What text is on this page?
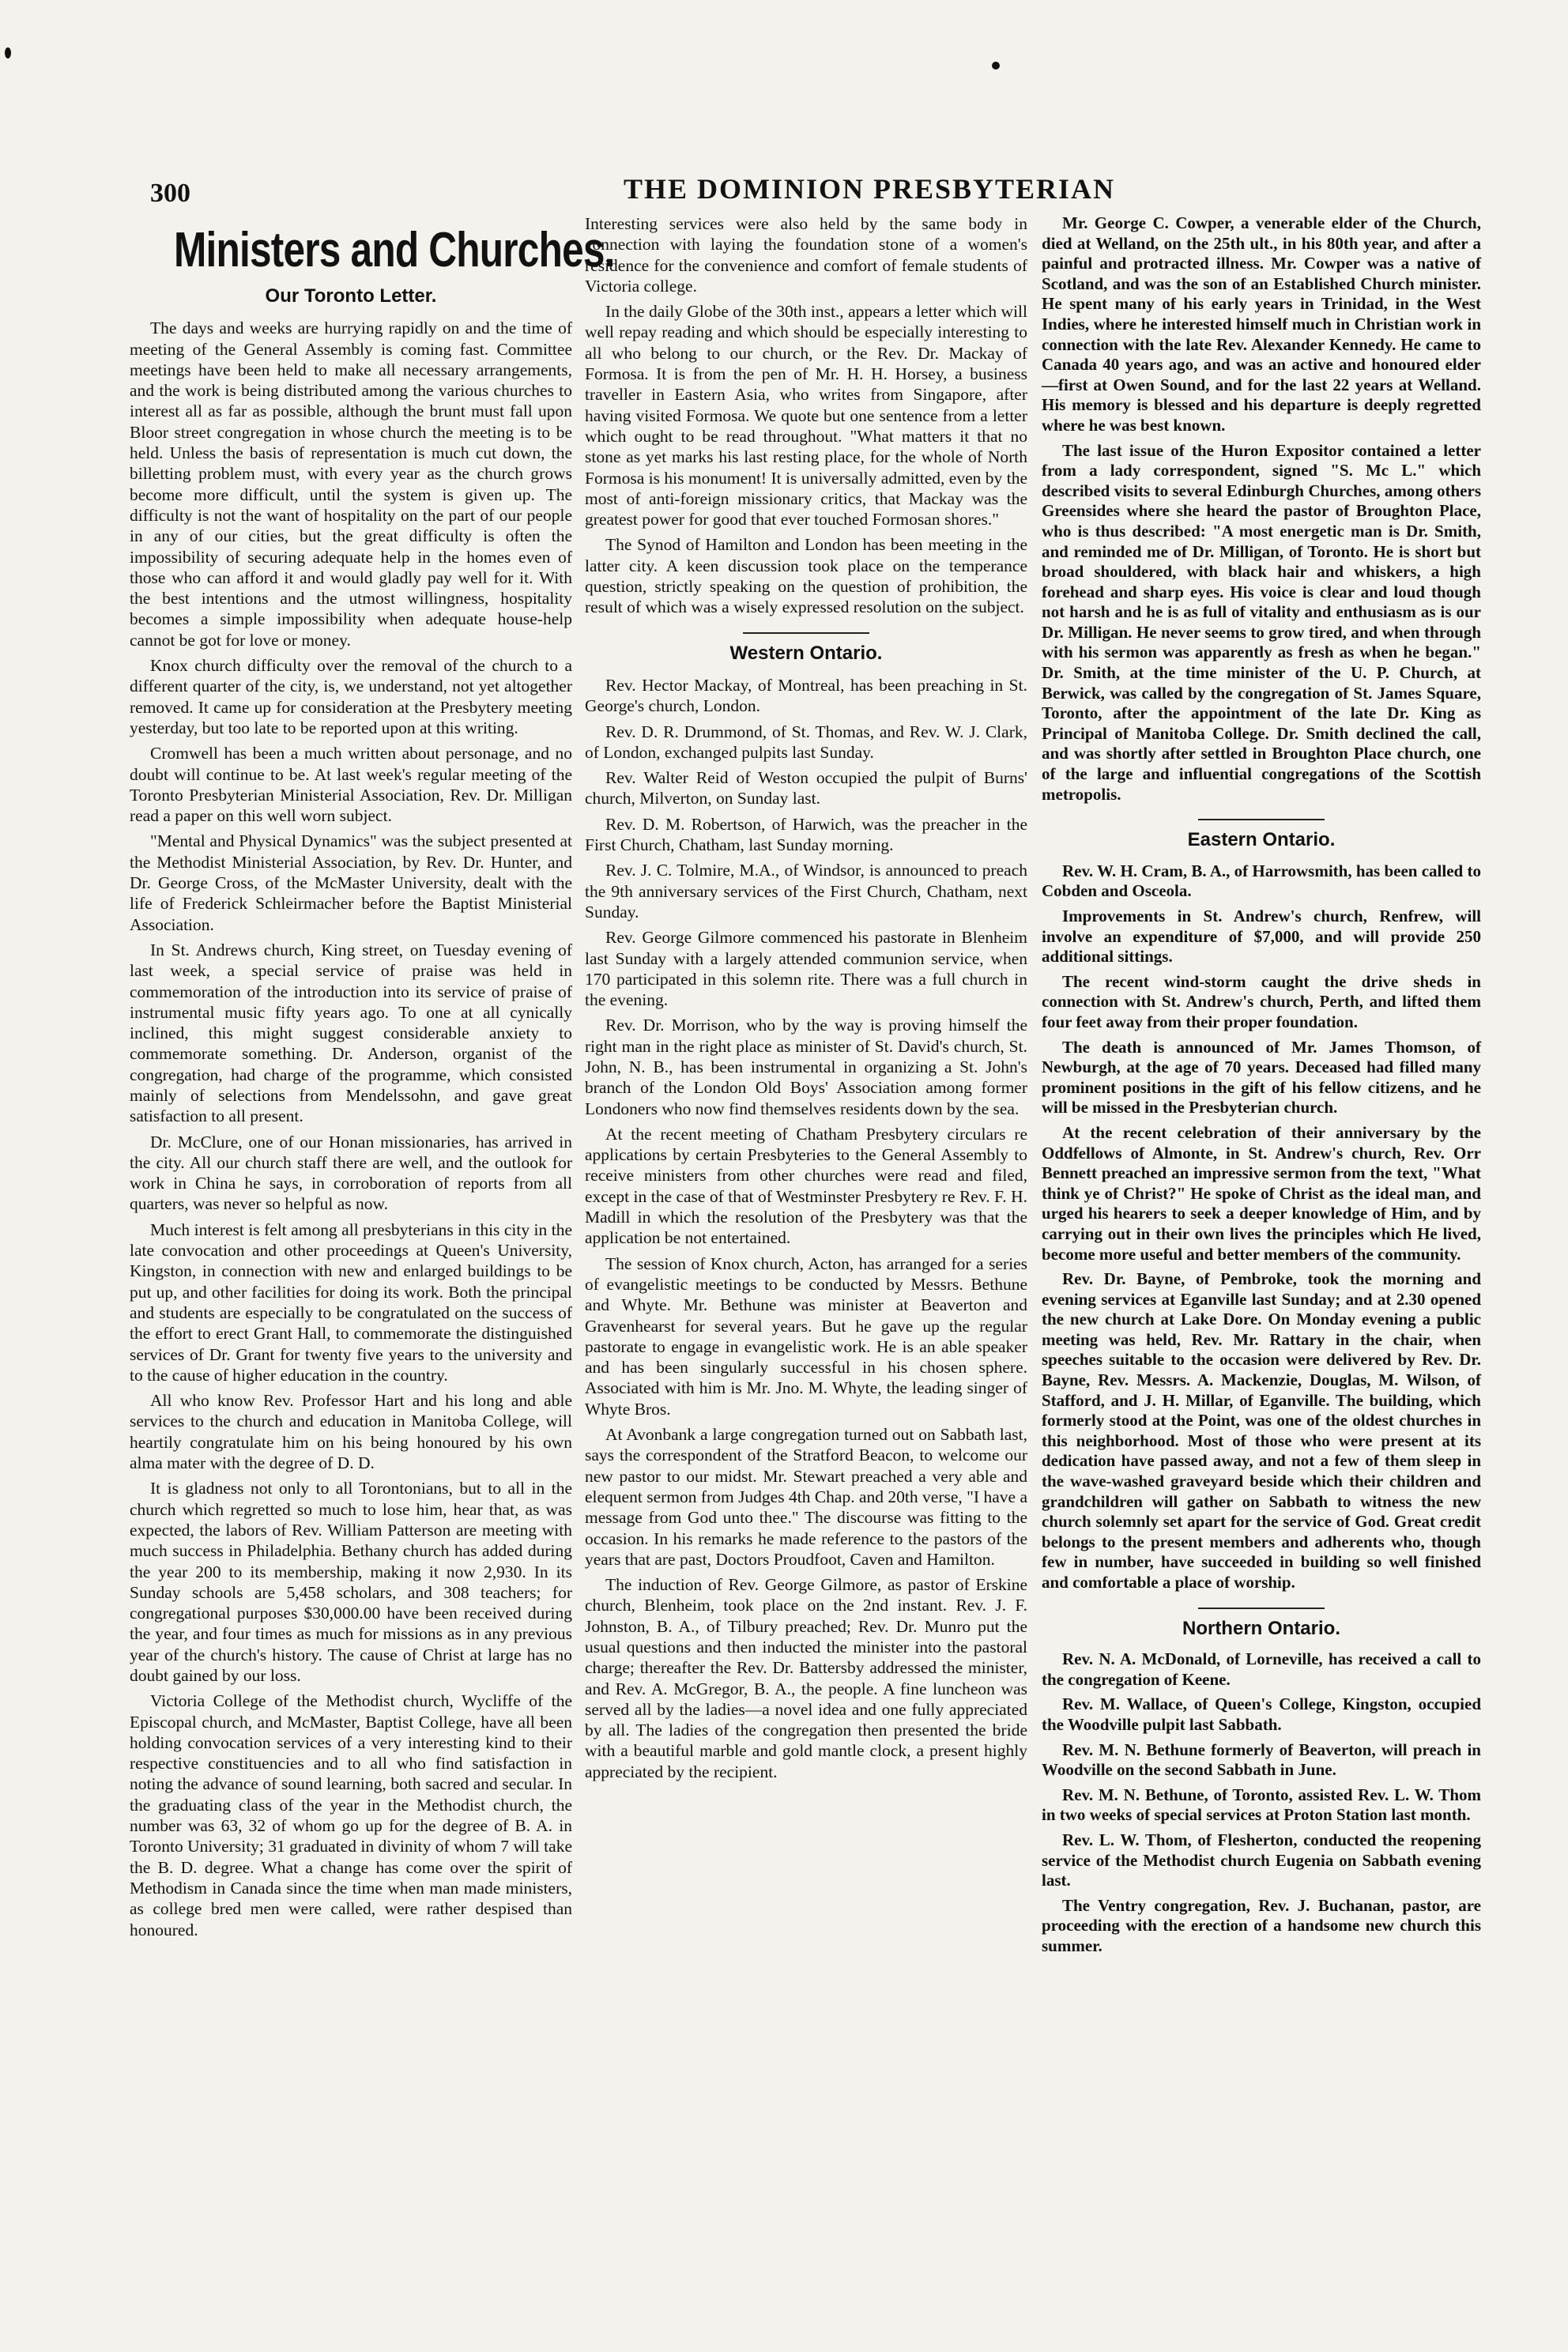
300	THE DOMINION PRESBYTERIAN
Ministers and Churches.
Our Toronto Letter.

The days and weeks are hurrying rapidly on and the time of meeting of the General Assembly is coming fast. Committee meetings have been held to make all necessary arrangements, and the work is being distributed among the various churches to interest all as far as possible, although the brunt must fall upon Bloor street congregation in whose church the meeting is to be held. Unless the basis of representation is much cut down, the billetting problem must, with every year as the church grows become more difficult, until the system is given up. The difficulty is not the want of hospitality on the part of our people in any of our cities, but the great difficulty is often the impossibility of securing adequate help in the homes even of those who can afford it and would gladly pay well for it. With the best intentions and the utmost willingness, hospitality becomes a simple impossibility when adequate house-help cannot be got for love or money.

Knox church difficulty over the removal of the church to a different quarter of the city, is, we understand, not yet altogether removed. It came up for consideration at the Presbytery meeting yesterday, but too late to be reported upon at this writing.

Cromwell has been a much written about personage, and no doubt will continue to be. At last week's regular meeting of the Toronto Presbyterian Ministerial Association, Rev. Dr. Milligan read a paper on this well worn subject.

"Mental and Physical Dynamics" was the subject presented at the Methodist Ministerial Association, by Rev. Dr. Hunter, and Dr. George Cross, of the McMaster University, dealt with the life of Frederick Schleirmacher before the Baptist Ministerial Association.

In St. Andrews church, King street, on Tuesday evening of last week, a special service of praise was held in commemoration of the introduction into its service of praise of instrumental music fifty years ago. To one at all cynically inclined, this might suggest considerable anxiety to commemorate something. Dr. Anderson, organist of the congregation, had charge of the programme, which consisted mainly of selections from Mendelssohn, and gave great satisfaction to all present.

Dr. McClure, one of our Honan missionaries, has arrived in the city. All our church staff there are well, and the outlook for work in China he says, in corroboration of reports from all quarters, was never so helpful as now.

Much interest is felt among all presbyterians in this city in the late convocation and other proceedings at Queen's University, Kingston, in connection with new and enlarged buildings to be put up, and other facilities for doing its work. Both the principal and students are especially to be congratulated on the success of the effort to erect Grant Hall, to commemorate the distinguished services of Dr. Grant for twenty five years to the university and to the cause of higher education in the country.

All who know Rev. Professor Hart and his long and able services to the church and education in Manitoba College, will heartily congratulate him on his being honoured by his own alma mater with the degree of D. D.

It is gladness not only to all Torontonians, but to all in the church which regretted so much to lose him, hear that, as was expected, the labors of Rev. William Patterson are meeting with much success in Philadelphia. Bethany church has added during the year 200 to its membership, making it now 2,930. In its Sunday schools are 5,458 scholars, and 308 teachers; for congregational purposes $30,000.00 have been received during the year, and four times as much for missions as in any previous year of the church's history. The cause of Christ at large has no doubt gained by our loss.

Victoria College of the Methodist church, Wycliffe of the Episcopal church, and McMaster, Baptist College, have all been holding convocation services of a very interesting kind to their respective constituencies and to all who find satisfaction in noting the advance of sound learning, both sacred and secular. In the graduating class of the year in the Methodist church, the number was 63, 32 of whom go up for the degree of B. A. in Toronto University; 31 graduated in divinity of whom 7 will take the B. D. degree. What a change has come over the spirit of Methodism in Canada since the time when man made ministers, as college bred men were called, were rather despised than honoured.

Interesting services were also held by the same body in connection with laying the foundation stone of a women's residence for the convenience and comfort of female students of Victoria college.

In the daily Globe of the 30th inst., appears a letter which will well repay reading and which should be especially interesting to all who belong to our church, or the Rev. Dr. Mackay of Formosa. It is from the pen of Mr. H. H. Horsey, a business traveller in Eastern Asia, who writes from Singapore, after having visited Formosa. We quote but one sentence from a letter which ought to be read throughout. "What matters it that no stone as yet marks his last resting place, for the whole of North Formosa is his monument! It is universally admitted, even by the most of anti-foreign missionary critics, that Mackay was the greatest power for good that ever touched Formosan shores."

The Synod of Hamilton and London has been meeting in the latter city. A keen discussion took place on the temperance question, strictly speaking on the question of prohibition, the result of which was a wisely expressed resolution on the subject.

Western Ontario.

Rev. Hector Mackay, of Montreal, has been preaching in St. George's church, London.

Rev. D. R. Drummond, of St. Thomas, and Rev. W. J. Clark, of London, exchanged pulpits last Sunday.

Rev. Walter Reid of Weston occupied the pulpit of Burns' church, Milverton, on Sunday last.

Rev. D. M. Robertson, of Harwich, was the preacher in the First Church, Chatham, last Sunday morning.

Rev. J. C. Tolmire, M.A., of Windsor, is announced to preach the 9th anniversary services of the First Church, Chatham, next Sunday.

Rev. George Gilmore commenced his pastorate in Blenheim last Sunday with a largely attended communion service, when 170 participated in this solemn rite. There was a full church in the evening.

Rev. Dr. Morrison, who by the way is proving himself the right man in the right place as minister of St. David's church, St. John, N. B., has been instrumental in organizing a St. John's branch of the London Old Boys' Association among former Londoners who now find themselves residents down by the sea.

At the recent meeting of Chatham Presbytery circulars re applications by certain Presbyteries to the General Assembly to receive ministers from other churches were read and filed, except in the case of that of Westminster Presbytery re Rev. F. H. Madill in which the resolution of the Presbytery was that the application be not entertained.

The session of Knox church, Acton, has arranged for a series of evangelistic meetings to be conducted by Messrs. Bethune and Whyte. Mr. Bethune was minister at Beaverton and Gravenhearst for several years. But he gave up the regular pastorate to engage in evangelistic work. He is an able speaker and has been singularly successful in his chosen sphere. Associated with him is Mr. Jno. M. Whyte, the leading singer of Whyte Bros.

At Avonbank a large congregation turned out on Sabbath last, says the correspondent of the Stratford Beacon, to welcome our new pastor to our midst. Mr. Stewart preached a very able and elequent sermon from Judges 4th Chap. and 20th verse, "I have a message from God unto thee." The discourse was fitting to the occasion. In his remarks he made reference to the pastors of the years that are past, Doctors Proudfoot, Caven and Hamilton.

The induction of Rev. George Gilmore, as pastor of Erskine church, Blenheim, took place on the 2nd instant. Rev. J. F. Johnston, B. A., of Tilbury preached; Rev. Dr. Munro put the usual questions and then inducted the minister into the pastoral charge; thereafter the Rev. Dr. Battersby addressed the minister, and Rev. A. McGregor, B. A., the people. A fine luncheon was served all by the ladies—a novel idea and one fully appreciated by all. The ladies of the congregation then presented the bride with a beautiful marble and gold mantle clock, a present highly appreciated by the recipient.

Mr. George C. Cowper, a venerable elder of the Church, died at Welland, on the 25th ult., in his 80th year, and after a painful and protracted illness. Mr. Cowper was a native of Scotland, and was the son of an Established Church minister. He spent many of his early years in Trinidad, in the West Indies, where he interested himself much in Christian work in connection with the late Rev. Alexander Kennedy. He came to Canada 40 years ago, and was an active and honoured elder—first at Owen Sound, and for the last 22 years at Welland. His memory is blessed and his departure is deeply regretted where he was best known.

The last issue of the Huron Expositor contained a letter from a lady correspondent, signed "S. Mc L." which described visits to several Edinburgh Churches, among others Greensides where she heard the pastor of Broughton Place, who is thus described: "A most energetic man is Dr. Smith, and reminded me of Dr. Milligan, of Toronto. He is short but broad shouldered, with black hair and whiskers, a high forehead and sharp eyes. His voice is clear and loud though not harsh and he is as full of vitality and enthusiasm as is our Dr. Milligan. He never seems to grow tired, and when through with his sermon was apparently as fresh as when he began." Dr. Smith, at the time minister of the U. P. Church, at Berwick, was called by the congregation of St. James Square, Toronto, after the appointment of the late Dr. King as Principal of Manitoba College. Dr. Smith declined the call, and was shortly after settled in Broughton Place church, one of the large and influential congregations of the Scottish metropolis.

Eastern Ontario.

Rev. W. H. Cram, B. A., of Harrowsmith, has been called to Cobden and Osceola.

Improvements in St. Andrew's church, Renfrew, will involve an expenditure of $7,000, and will provide 250 additional sittings.

The recent wind-storm caught the drive sheds in connection with St. Andrew's church, Perth, and lifted them four feet away from their proper foundation.

The death is announced of Mr. James Thomson, of Newburgh, at the age of 70 years. Deceased had filled many prominent positions in the gift of his fellow citizens, and he will be missed in the Presbyterian church.

At the recent celebration of their anniversary by the Oddfellows of Almonte, in St. Andrew's church, Rev. Orr Bennett preached an impressive sermon from the text, "What think ye of Christ?" He spoke of Christ as the ideal man, and urged his hearers to seek a deeper knowledge of Him, and by carrying out in their own lives the principles which He lived, become more useful and better members of the community.

Rev. Dr. Bayne, of Pembroke, took the morning and evening services at Eganville last Sunday; and at 2.30 opened the new church at Lake Dore. On Monday evening a public meeting was held, Rev. Mr. Rattary in the chair, when speeches suitable to the occasion were delivered by Rev. Dr. Bayne, Rev. Messrs. A. Mackenzie, Douglas, M. Wilson, of Stafford, and J. H. Millar, of Eganville. The building, which formerly stood at the Point, was one of the oldest churches in this neighborhood. Most of those who were present at its dedication have passed away, and not a few of them sleep in the wave-washed graveyard beside which their children and grandchildren will gather on Sabbath to witness the new church solemnly set apart for the service of God. Great credit belongs to the present members and adherents who, though few in number, have succeeded in building so well finished and comfortable a place of worship.

Northern Ontario.

Rev. N. A. McDonald, of Lorneville, has received a call to the congregation of Keene.

Rev. M. Wallace, of Queen's College, Kingston, occupied the Woodville pulpit last Sabbath.

Rev. M. N. Bethune formerly of Beaverton, will preach in Woodville on the second Sabbath in June.

Rev. M. N. Bethune, of Toronto, assisted Rev. L. W. Thom in two weeks of special services at Proton Station last month.

Rev. L. W. Thom, of Flesherton, conducted the reopening service of the Methodist church Eugenia on Sabbath evening last.

The Ventry congregation, Rev. J. Buchanan, pastor, are proceeding with the erection of a handsome new church this summer.
